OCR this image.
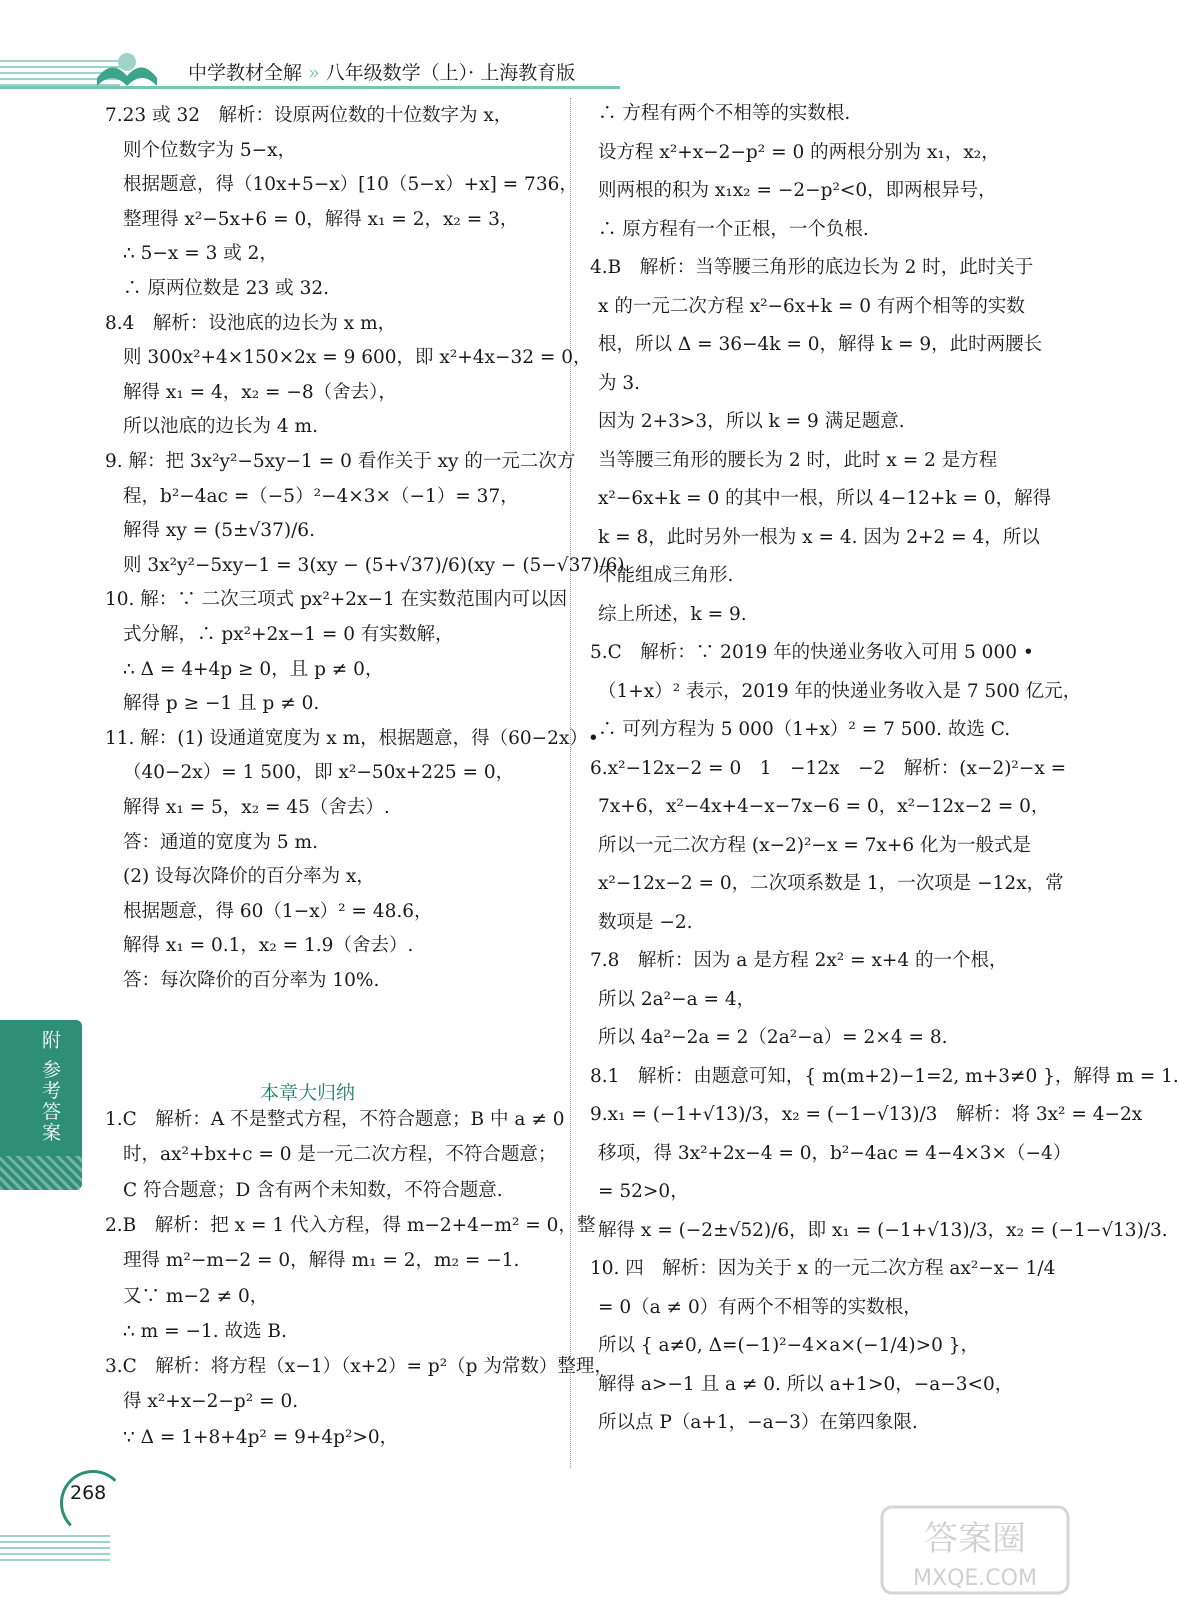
中学教材全解 » 八年级数学（上）· 上海教育版
7.23 或 32　解析：设原两位数的十位数字为 x，
则个位数字为 5−x，
根据题意，得（10x+5−x）[10（5−x）+x] = 736，
整理得 x²−5x+6 = 0，解得 x₁ = 2，x₂ = 3，
∴ 5−x = 3 或 2，
∴ 原两位数是 23 或 32.
8.4　解析：设池底的边长为 x m，
则 300x²+4×150×2x = 9 600，即 x²+4x−32 = 0，
解得 x₁ = 4，x₂ = −8（舍去），
所以池底的边长为 4 m.
9. 解：把 3x²y²−5xy−1 = 0 看作关于 xy 的一元二次方
程，b²−4ac =（−5）²−4×3×（−1）= 37，
解得 xy = (5±√37)/6.
则 3x²y²−5xy−1 = 3(xy − (5+√37)/6)(xy − (5−√37)/6).
10. 解：∵ 二次三项式 px²+2x−1 在实数范围内可以因
式分解，∴ px²+2x−1 = 0 有实数解，
∴ Δ = 4+4p ≥ 0，且 p ≠ 0，
解得 p ≥ −1 且 p ≠ 0.
11. 解：(1) 设通道宽度为 x m，根据题意，得（60−2x）•
（40−2x）= 1 500，即 x²−50x+225 = 0，
解得 x₁ = 5，x₂ = 45（舍去）.
答：通道的宽度为 5 m.
(2) 设每次降价的百分率为 x，
根据题意，得 60（1−x）² = 48.6，
解得 x₁ = 0.1，x₂ = 1.9（舍去）.
答：每次降价的百分率为 10%.
1.C　解析：A 不是整式方程，不符合题意；B 中 a ≠ 0
时，ax²+bx+c = 0 是一元二次方程，不符合题意；
C 符合题意；D 含有两个未知数，不符合题意.
2.B　解析：把 x = 1 代入方程，得 m−2+4−m² = 0，整
理得 m²−m−2 = 0，解得 m₁ = 2，m₂ = −1.
又∵ m−2 ≠ 0，
∴ m = −1. 故选 B.
3.C　解析：将方程（x−1）（x+2）= p²（p 为常数）整理，
得 x²+x−2−p² = 0.
∵ Δ = 1+8+4p² = 9+4p²>0，
本章大归纳
∴ 方程有两个不相等的实数根.
设方程 x²+x−2−p² = 0 的两根分别为 x₁，x₂，
则两根的积为 x₁x₂ = −2−p²<0，即两根异号，
∴ 原方程有一个正根，一个负根.
4.B　解析：当等腰三角形的底边长为 2 时，此时关于
x 的一元二次方程 x²−6x+k = 0 有两个相等的实数
根，所以 Δ = 36−4k = 0，解得 k = 9，此时两腰长
为 3.
因为 2+3>3，所以 k = 9 满足题意.
当等腰三角形的腰长为 2 时，此时 x = 2 是方程
x²−6x+k = 0 的其中一根，所以 4−12+k = 0，解得
k = 8，此时另外一根为 x = 4. 因为 2+2 = 4，所以
不能组成三角形.
综上所述，k = 9.
5.C　解析：∵ 2019 年的快递业务收入可用 5 000 •
（1+x）² 表示，2019 年的快递业务收入是 7 500 亿元，
∴ 可列方程为 5 000（1+x）² = 7 500. 故选 C.
6.x²−12x−2 = 0　1　−12x　−2　解析：(x−2)²−x =
7x+6，x²−4x+4−x−7x−6 = 0，x²−12x−2 = 0，
所以一元二次方程 (x−2)²−x = 7x+6 化为一般式是
x²−12x−2 = 0，二次项系数是 1，一次项是 −12x，常
数项是 −2.
7.8　解析：因为 a 是方程 2x² = x+4 的一个根，
所以 2a²−a = 4，
所以 4a²−2a = 2（2a²−a）= 2×4 = 8.
8.1　解析：由题意可知，{ m(m+2)−1=2, m+3≠0 }，解得 m = 1.
9.x₁ = (−1+√13)/3，x₂ = (−1−√13)/3　解析：将 3x² = 4−2x
移项，得 3x²+2x−4 = 0，b²−4ac = 4−4×3×（−4）
= 52>0，
解得 x = (−2±√52)/6，即 x₁ = (−1+√13)/3，x₂ = (−1−√13)/3.
10. 四　解析：因为关于 x 的一元二次方程 ax²−x− 1/4
= 0（a ≠ 0）有两个不相等的实数根，
所以 { a≠0, Δ=(−1)²−4×a×(−1/4)>0 }，
解得 a>−1 且 a ≠ 0. 所以 a+1>0，−a−3<0，
所以点 P（a+1，−a−3）在第四象限.
附 参考答案
268
答案圈
MXQE.COM
